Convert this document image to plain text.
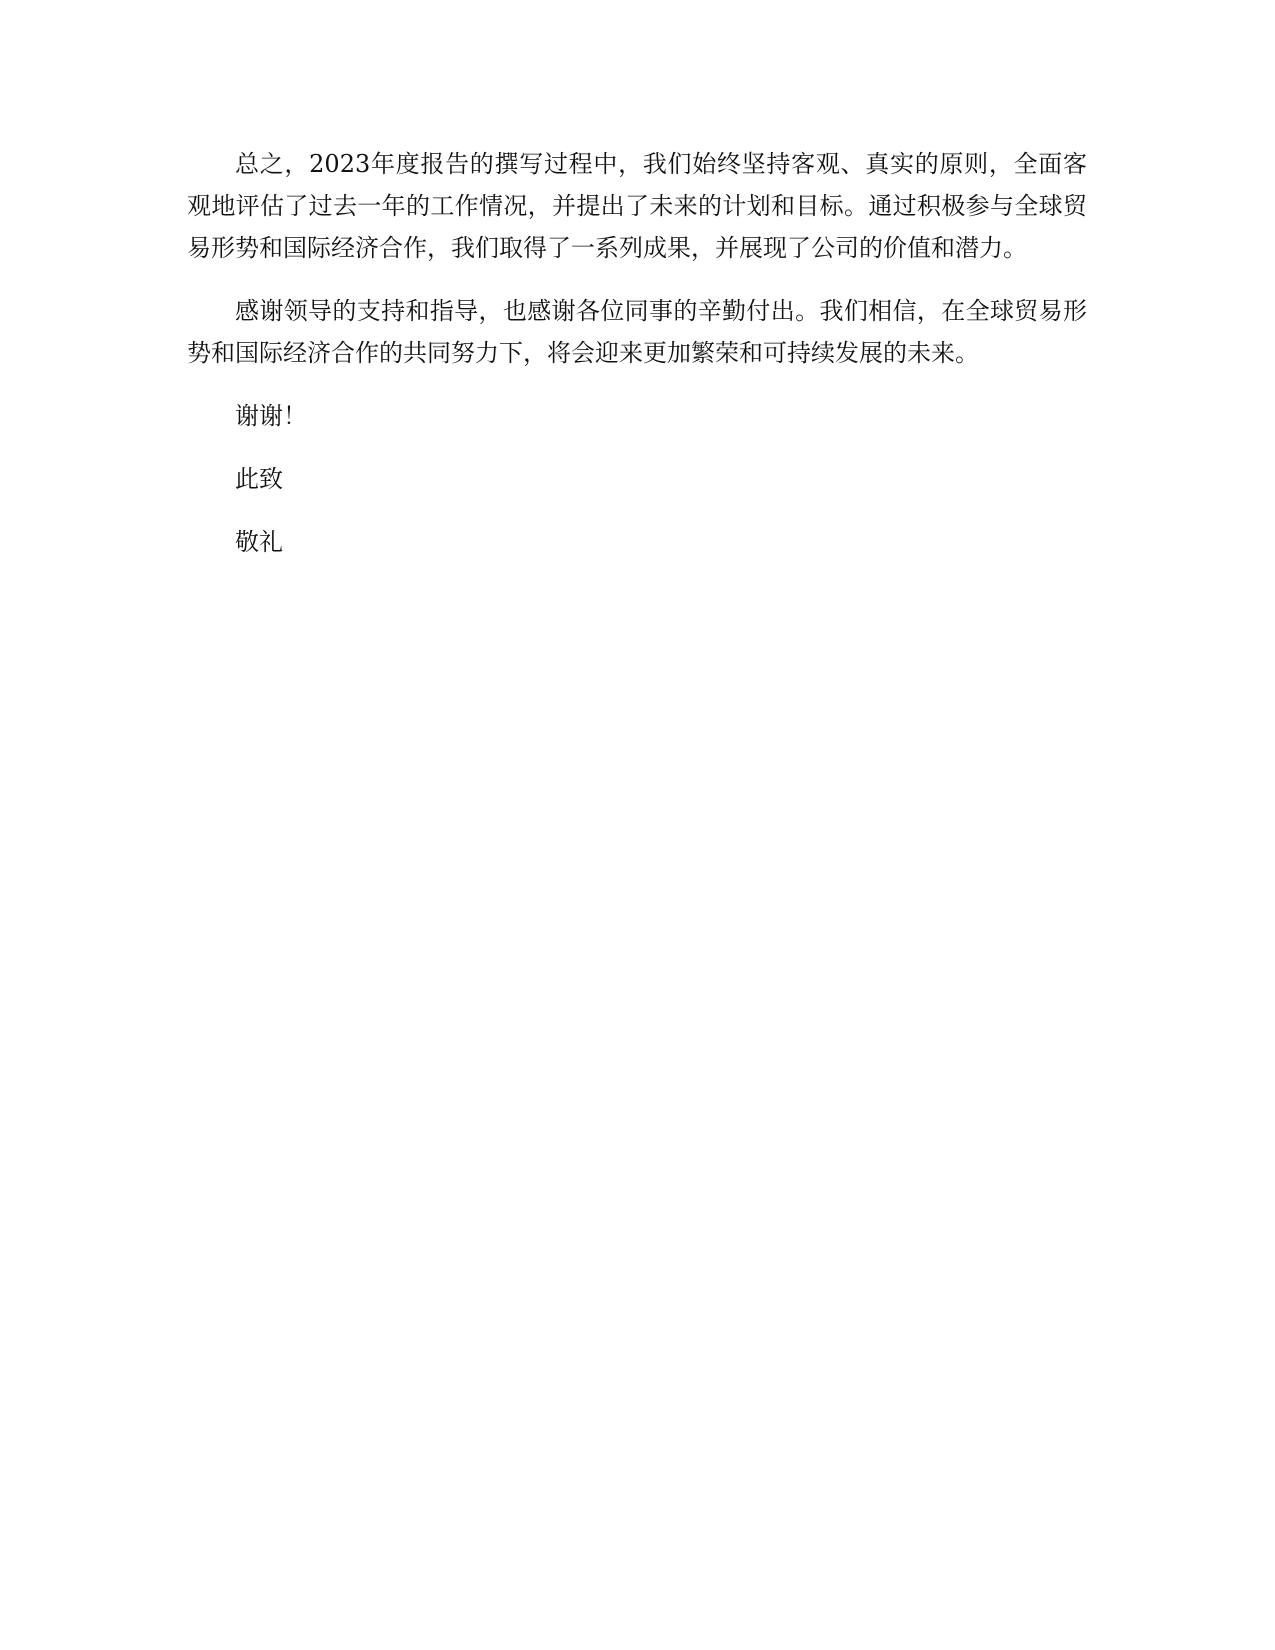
总之，2023年度报告的撰写过程中，我们始终坚持客观、真实的原则，全面客观地评估了过去一年的工作情况，并提出了未来的计划和目标。通过积极参与全球贸易形势和国际经济合作，我们取得了一系列成果，并展现了公司的价值和潜力。

感谢领导的支持和指导，也感谢各位同事的辛勤付出。我们相信，在全球贸易形势和国际经济合作的共同努力下，将会迎来更加繁荣和可持续发展的未来。

谢谢！

此致

敬礼
